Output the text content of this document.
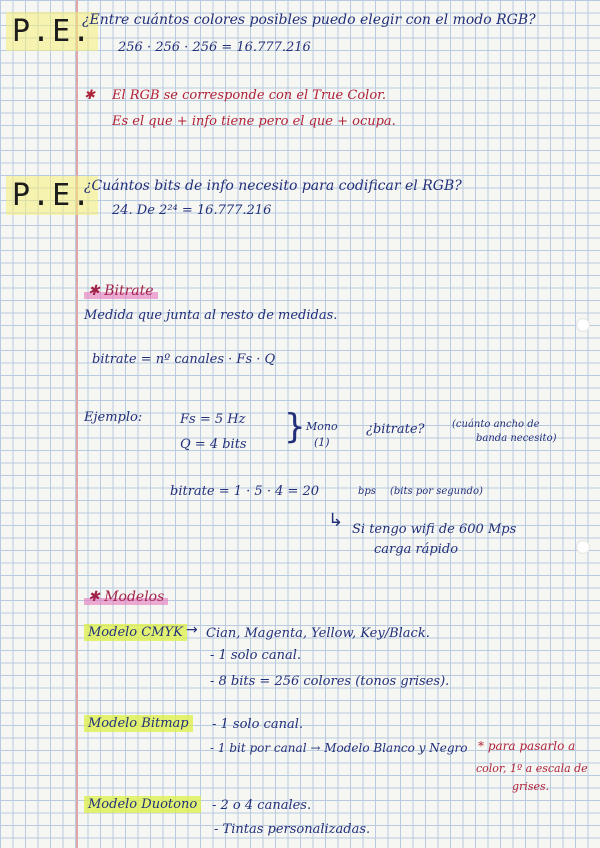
P.E.
¿Entre cuántos colores posibles puedo elegir con el modo RGB?
256 · 256 · 256 = 16.777.216
✱ El RGB se corresponde con el True Color.
Es el que + info tiene pero el que + ocupa.
P.E.
¿Cuántos bits de info necesito para codificar el RGB?
24. De 2²⁴ = 16.777.216
✱ Bitrate
Medida que junta al resto de medidas.
bitrate = nº canales · Fs · Q
Ejemplo:	Fs = 5 Hz
Q = 4 bits } Mono
(1)
¿bitrate?	(cuánto ancho de
banda necesito)
bitrate = 1 · 5 · 4 = 20	bps (bits por segundo)
↳ Si tengo wifi de 600 Mps
carga rápido
✱ Modelos
Modelo CMYK → Cian, Magenta, Yellow, Key/Black.
- 1 solo canal.
- 8 bits = 256 colores (tonos grises).
Modelo Bitmap	- 1 solo canal.
- 1 bit por canal → Modelo Blanco y Negro * para pasarlo a
color, 1º a escala de
grises.
Modelo Duotono	- 2 o 4 canales.
- Tintas personalizadas.
